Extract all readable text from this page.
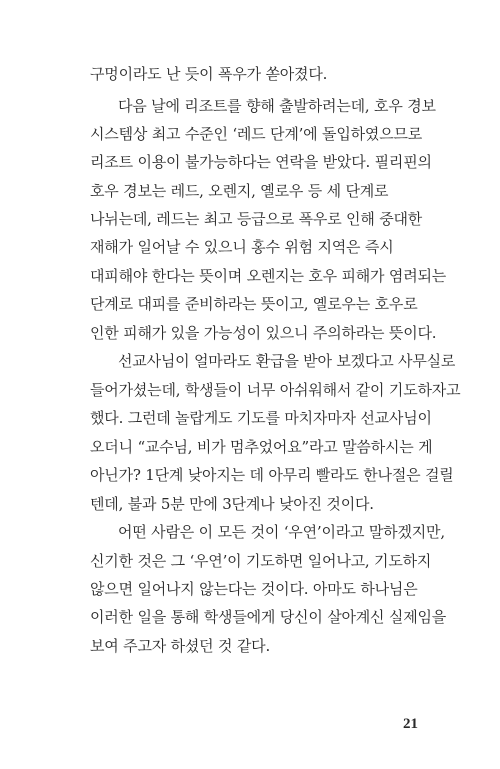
구멍이라도 난 듯이 폭우가 쏟아졌다.
다음 날에 리조트를 향해 출발하려는데, 호우 경보
시스템상 최고 수준인 ‘레드 단계’에 돌입하였으므로
리조트 이용이 불가능하다는 연락을 받았다. 필리핀의
호우 경보는 레드, 오렌지, 옐로우 등 세 단계로
나뉘는데, 레드는 최고 등급으로 폭우로 인해 중대한
재해가 일어날 수 있으니 홍수 위험 지역은 즉시
대피해야 한다는 뜻이며 오렌지는 호우 피해가 염려되는
단계로 대피를 준비하라는 뜻이고, 옐로우는 호우로
인한 피해가 있을 가능성이 있으니 주의하라는 뜻이다.
선교사님이 얼마라도 환급을 받아 보겠다고 사무실로
들어가셨는데, 학생들이 너무 아쉬워해서 같이 기도하자고
했다. 그런데 놀랍게도 기도를 마치자마자 선교사님이
오더니 “교수님, 비가 멈추었어요”라고 말씀하시는 게
아닌가? 1단계 낮아지는 데 아무리 빨라도 한나절은 걸릴
텐데, 불과 5분 만에 3단계나 낮아진 것이다.
어떤 사람은 이 모든 것이 ‘우연’이라고 말하겠지만,
신기한 것은 그 ‘우연’이 기도하면 일어나고, 기도하지
않으면 일어나지 않는다는 것이다. 아마도 하나님은
이러한 일을 통해 학생들에게 당신이 살아계신 실제임을
보여 주고자 하셨던 것 같다.
21
